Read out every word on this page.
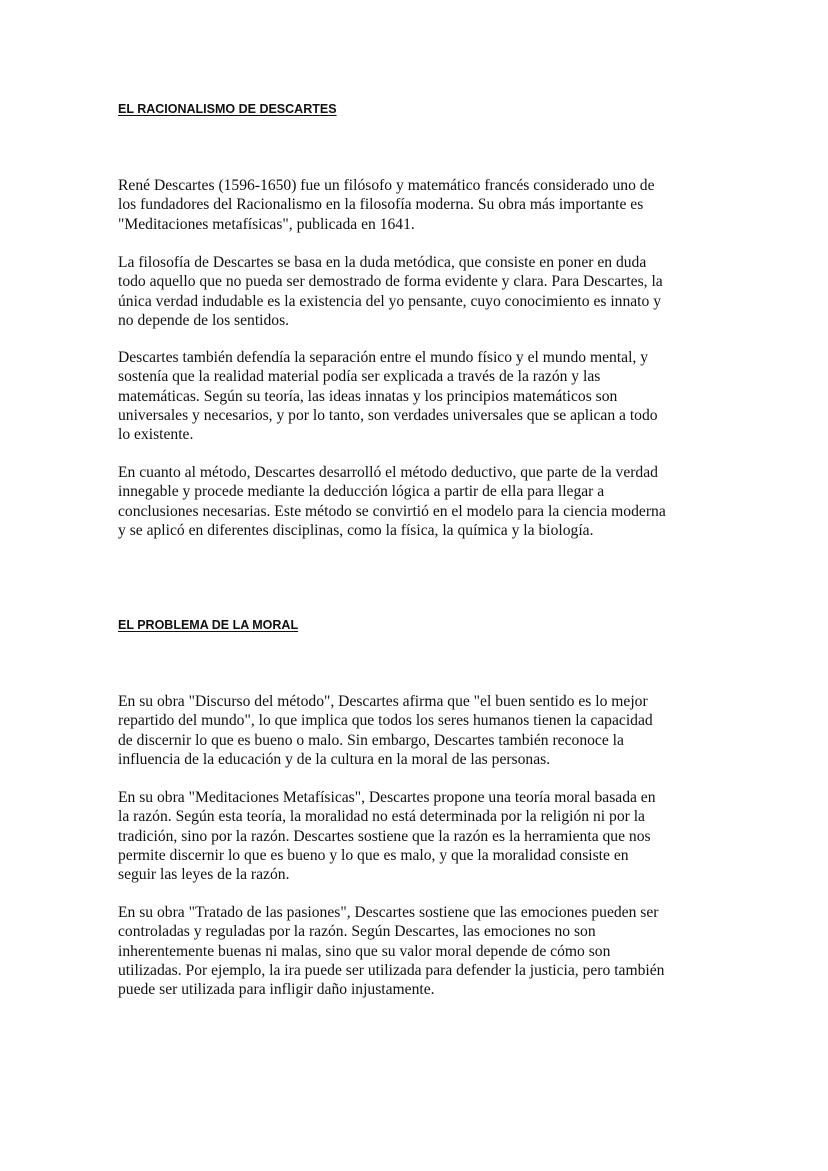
EL RACIONALISMO DE DESCARTES

René Descartes (1596-1650) fue un filósofo y matemático francés considerado uno de
los fundadores del Racionalismo en la filosofía moderna. Su obra más importante es
"Meditaciones metafísicas", publicada en 1641.

La filosofía de Descartes se basa en la duda metódica, que consiste en poner en duda
todo aquello que no pueda ser demostrado de forma evidente y clara. Para Descartes, la
única verdad indudable es la existencia del yo pensante, cuyo conocimiento es innato y
no depende de los sentidos.

Descartes también defendía la separación entre el mundo físico y el mundo mental, y
sostenía que la realidad material podía ser explicada a través de la razón y las
matemáticas. Según su teoría, las ideas innatas y los principios matemáticos son
universales y necesarios, y por lo tanto, son verdades universales que se aplican a todo
lo existente.

En cuanto al método, Descartes desarrolló el método deductivo, que parte de la verdad
innegable y procede mediante la deducción lógica a partir de ella para llegar a
conclusiones necesarias. Este método se convirtió en el modelo para la ciencia moderna
y se aplicó en diferentes disciplinas, como la física, la química y la biología.

EL PROBLEMA DE LA MORAL

En su obra "Discurso del método", Descartes afirma que "el buen sentido es lo mejor
repartido del mundo", lo que implica que todos los seres humanos tienen la capacidad
de discernir lo que es bueno o malo. Sin embargo, Descartes también reconoce la
influencia de la educación y de la cultura en la moral de las personas.

En su obra "Meditaciones Metafísicas", Descartes propone una teoría moral basada en
la razón. Según esta teoría, la moralidad no está determinada por la religión ni por la
tradición, sino por la razón. Descartes sostiene que la razón es la herramienta que nos
permite discernir lo que es bueno y lo que es malo, y que la moralidad consiste en
seguir las leyes de la razón.

En su obra "Tratado de las pasiones", Descartes sostiene que las emociones pueden ser
controladas y reguladas por la razón. Según Descartes, las emociones no son
inherentemente buenas ni malas, sino que su valor moral depende de cómo son
utilizadas. Por ejemplo, la ira puede ser utilizada para defender la justicia, pero también
puede ser utilizada para infligir daño injustamente.
